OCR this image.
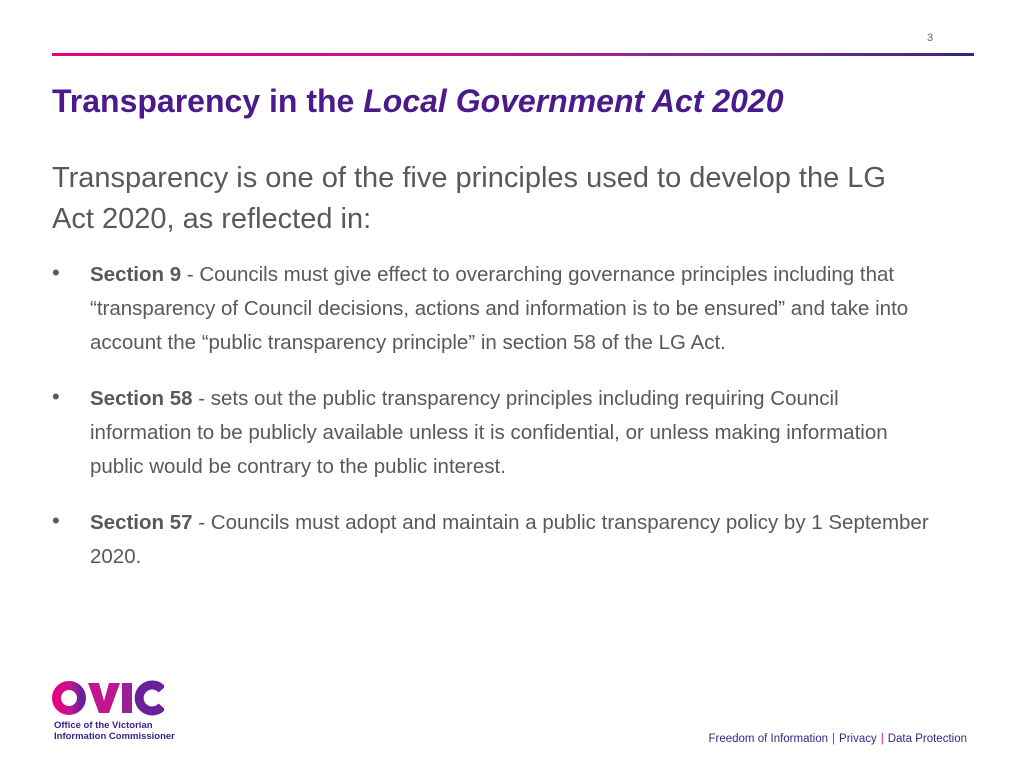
3
Transparency in the Local Government Act 2020

Transparency is one of the five principles used to develop the LG Act 2020, as reflected in:

• Section 9 - Councils must give effect to overarching governance principles including that “transparency of Council decisions, actions and information is to be ensured” and take into account the “public transparency principle” in section 58 of the LG Act.
• Section 58 - sets out the public transparency principles including requiring Council information to be publicly available unless it is confidential, or unless making information public would be contrary to the public interest.
• Section 57 - Councils must adopt and maintain a public transparency policy by 1 September 2020.
Office of the Victorian
Information Commissioner	Freedom of Information | Privacy | Data Protection
